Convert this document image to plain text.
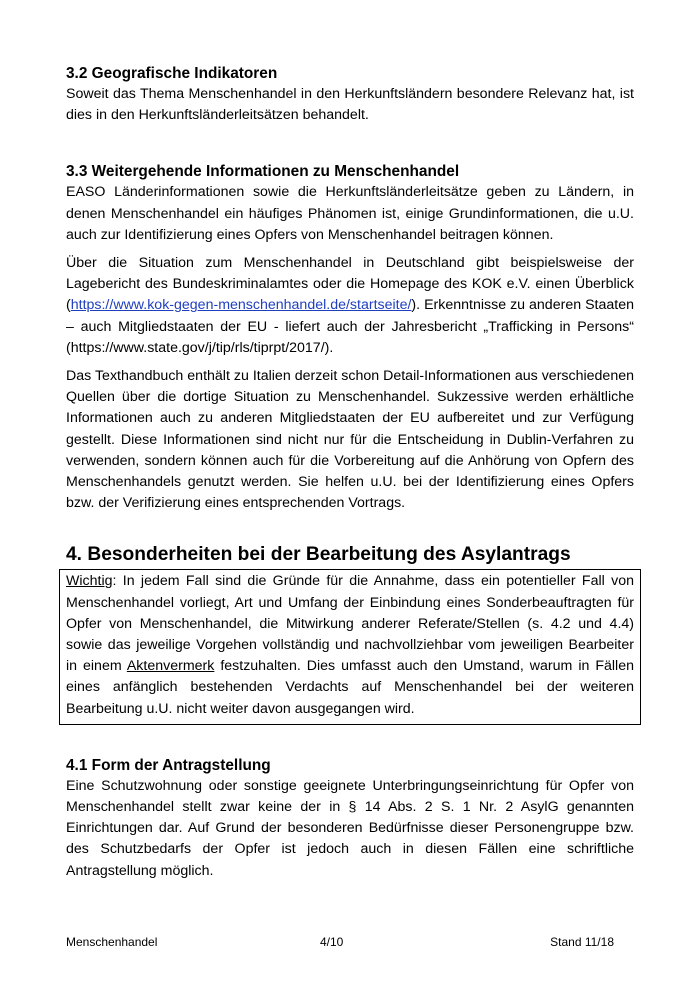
3.2 Geografische Indikatoren

Soweit das Thema Menschenhandel in den Herkunftsländern besondere Relevanz hat, ist dies in den Herkunftsländerleitsätzen behandelt.

3.3 Weitergehende Informationen zu Menschenhandel

EASO Länderinformationen sowie die Herkunftsländerleitsätze geben zu Ländern, in denen Menschenhandel ein häufiges Phänomen ist, einige Grundinformationen, die u.U. auch zur Identifizierung eines Opfers von Menschenhandel beitragen können.

Über die Situation zum Menschenhandel in Deutschland gibt beispielsweise der Lagebericht des Bundeskriminalamtes oder die Homepage des KOK e.V. einen Überblick (https://www.kok-gegen-menschenhandel.de/startseite/). Erkenntnisse zu anderen Staaten – auch Mitgliedstaaten der EU - liefert auch der Jahresbericht „Trafficking in Persons“ (https://www.state.gov/j/tip/rls/tiprpt/2017/).

Das Texthandbuch enthält zu Italien derzeit schon Detail-Informationen aus verschiedenen Quellen über die dortige Situation zu Menschenhandel. Sukzessive werden erhältliche Informationen auch zu anderen Mitgliedstaaten der EU aufbereitet und zur Verfügung gestellt. Diese Informationen sind nicht nur für die Entscheidung in Dublin-Verfahren zu verwenden, sondern können auch für die Vorbereitung auf die Anhörung von Opfern des Menschenhandels genutzt werden. Sie helfen u.U. bei der Identifizierung eines Opfers bzw. der Verifizierung eines entsprechenden Vortrags.

4. Besonderheiten bei der Bearbeitung des Asylantrags

Wichtig: In jedem Fall sind die Gründe für die Annahme, dass ein potentieller Fall von Menschenhandel vorliegt, Art und Umfang der Einbindung eines Sonderbeauftragten für Opfer von Menschenhandel, die Mitwirkung anderer Referate/Stellen (s. 4.2 und 4.4) sowie das jeweilige Vorgehen vollständig und nachvollziehbar vom jeweiligen Bearbeiter in einem Aktenvermerk festzuhalten. Dies umfasst auch den Umstand, warum in Fällen eines anfänglich bestehenden Verdachts auf Menschenhandel bei der weiteren Bearbeitung u.U. nicht weiter davon ausgegangen wird.

4.1 Form der Antragstellung

Eine Schutzwohnung oder sonstige geeignete Unterbringungseinrichtung für Opfer von Menschenhandel stellt zwar keine der in § 14 Abs. 2 S. 1 Nr. 2 AsylG genannten Einrichtungen dar. Auf Grund der besonderen Bedürfnisse dieser Personengruppe bzw. des Schutzbedarfs der Opfer ist jedoch auch in diesen Fällen eine schriftliche Antragstellung möglich.

Menschenhandel	4/10	Stand 11/18
